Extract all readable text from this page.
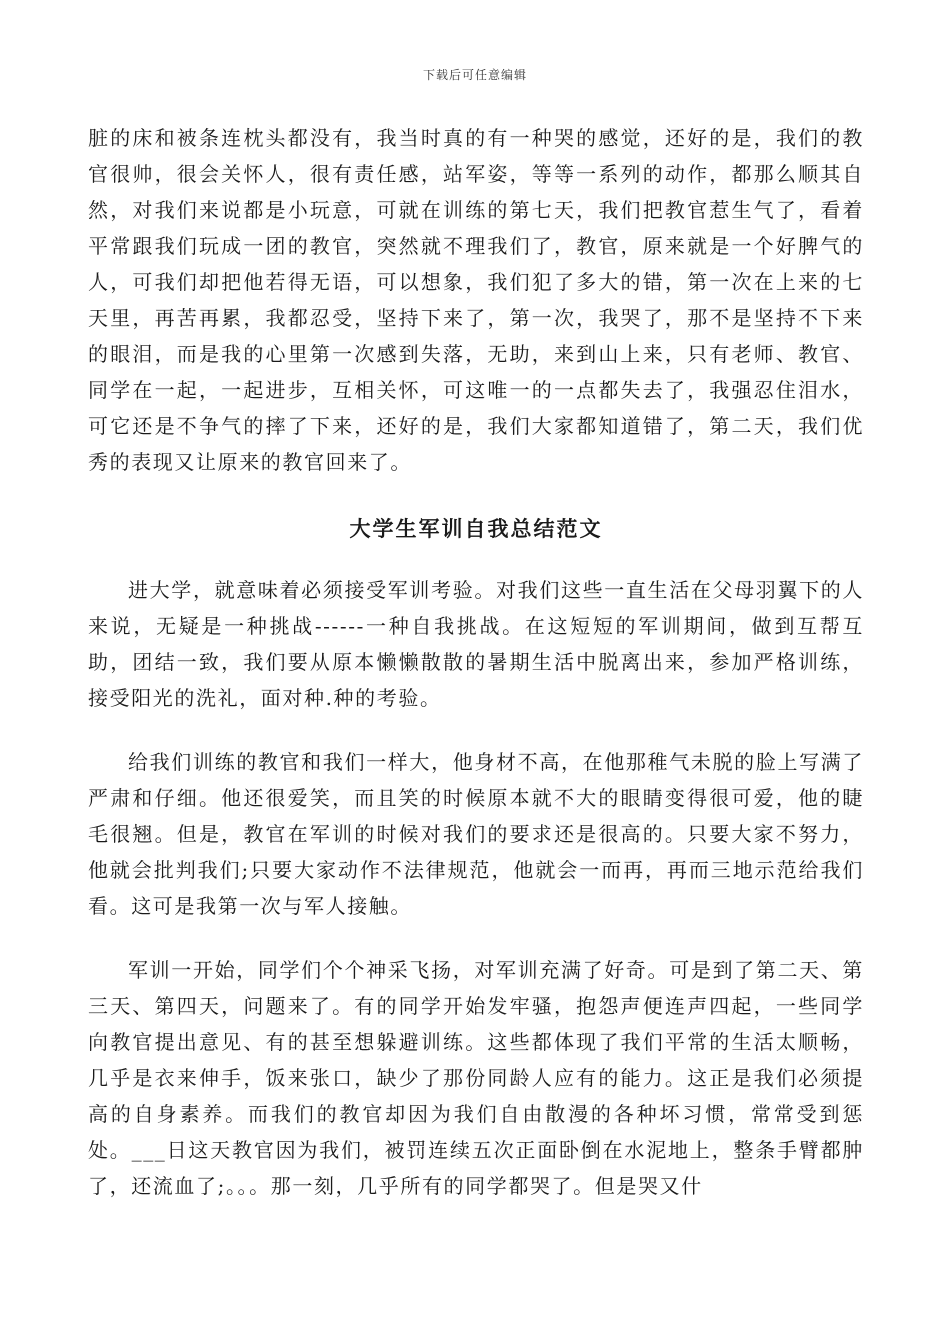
下载后可任意编辑

脏的床和被条连枕头都没有，我当时真的有一种哭的感觉，还好的是，我们的教官很帅，很会关怀人，很有责任感，站军姿，等等一系列的动作，都那么顺其自然，对我们来说都是小玩意，可就在训练的第七天，我们把教官惹生气了，看着平常跟我们玩成一团的教官，突然就不理我们了，教官，原来就是一个好脾气的人，可我们却把他若得无语，可以想象，我们犯了多大的错，第一次在上来的七天里，再苦再累，我都忍受，坚持下来了，第一次，我哭了，那不是坚持不下来的眼泪，而是我的心里第一次感到失落，无助，来到山上来，只有老师、教官、同学在一起，一起进步，互相关怀，可这唯一的一点都失去了，我强忍住泪水，可它还是不争气的摔了下来，还好的是，我们大家都知道错了，第二天，我们优秀的表现又让原来的教官回来了。

大学生军训自我总结范文

进大学，就意味着必须接受军训考验。对我们这些一直生活在父母羽翼下的人来说，无疑是一种挑战------一种自我挑战。在这短短的军训期间，做到互帮互助，团结一致，我们要从原本懒懒散散的暑期生活中脱离出来，参加严格训练，接受阳光的洗礼，面对种.种的考验。

给我们训练的教官和我们一样大，他身材不高，在他那稚气未脱的脸上写满了严肃和仔细。他还很爱笑，而且笑的时候原本就不大的眼睛变得很可爱，他的睫毛很翘。但是，教官在军训的时候对我们的要求还是很高的。只要大家不努力，他就会批判我们;只要大家动作不法律规范，他就会一而再，再而三地示范给我们看。这可是我第一次与军人接触。

军训一开始，同学们个个神采飞扬，对军训充满了好奇。可是到了第二天、第三天、第四天，问题来了。有的同学开始发牢骚，抱怨声便连声四起，一些同学向教官提出意见、有的甚至想躲避训练。这些都体现了我们平常的生活太顺畅，几乎是衣来伸手，饭来张口，缺少了那份同龄人应有的能力。这正是我们必须提高的自身素养。而我们的教官却因为我们自由散漫的各种坏习惯，常常受到惩处。___日这天教官因为我们，被罚连续五次正面卧倒在水泥地上，整条手臂都肿了，还流血了;。。。那一刻，几乎所有的同学都哭了。但是哭又什
